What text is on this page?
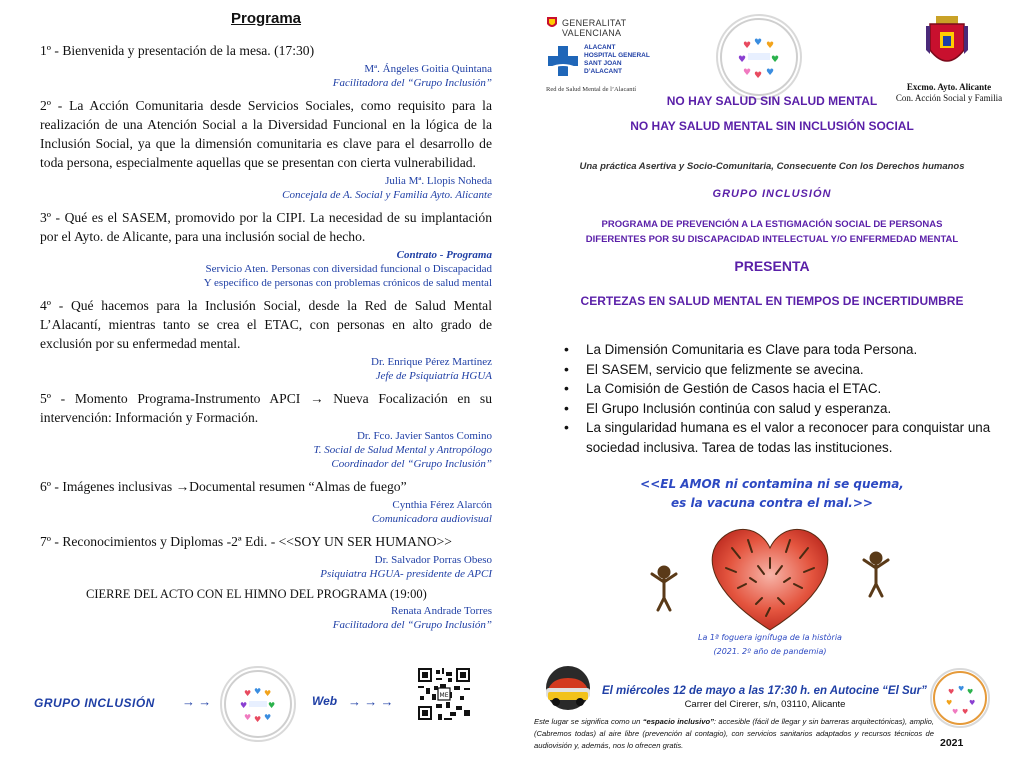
Programa
1º - Bienvenida y presentación de la mesa. (17:30)
Mª. Ángeles Goitia Quintana
Facilitadora del “Grupo Inclusión”
2º - La Acción Comunitaria desde Servicios Sociales, como requisito para la realización de una Atención Social a la Diversidad Funcional en la lógica de la Inclusión Social, ya que la dimensión comunitaria es clave para el desarrollo de toda persona, especialmente aquellas que se presentan con cierta vulnerabilidad.
Julia Mª. Llopis Noheda
Concejala de A. Social y Familia Ayto. Alicante
3º - Qué es el SASEM, promovido por la CIPI. La necesidad de su implantación por el Ayto. de Alicante, para una inclusión social de hecho.
Contrato - Programa
Servicio Aten. Personas con diversidad funcional o Discapacidad
Y específico de personas con problemas crónicos de salud mental
4º - Qué hacemos para la Inclusión Social, desde la Red de Salud Mental L’Alacantí, mientras tanto se crea el ETAC, con personas en alto grado de exclusión por su enfermedad mental.
Dr. Enrique Pérez Martínez
Jefe de Psiquiatría HGUA
5º - Momento Programa-Instrumento APCI → Nueva Focalización en su intervención: Información y Formación.
Dr. Fco. Javier Santos Comino
T. Social de Salud Mental y Antropólogo
Coordinador del “Grupo Inclusión”
6º - Imágenes inclusivas →Documental resumen “Almas de fuego”
Cynthia Férez Alarcón
Comunicadora audiovisual
7º - Reconocimientos y Diplomas -2ª Edi. - <<SOY UN SER HUMANO>>
Dr. Salvador Porras Obeso
Psiquiatra HGUA- presidente de APCI
CIERRE DEL ACTO CON EL HIMNO DEL PROGRAMA (19:00)
Renata Andrade Torres
Facilitadora del “Grupo Inclusión”
GRUPO INCLUSIÓN → →
♥ ♥ ♥
♥	♥
♥ ♥ ♥
Web → → →	ME
GENERALITAT VALENCIANA
ALACANT
HOSPITAL GENERAL
SANT JOAN
D’ALACANT
Red de Salud Mental de l’Alacantí
♥ ♥ ♥
♥	♥
♥ ♥ ♥
Excmo. Ayto. Alicante
Con. Acción Social y Familia
NO HAY SALUD SIN SALUD MENTAL
NO HAY SALUD MENTAL SIN INCLUSIÓN SOCIAL
Una práctica Asertiva y Socio-Comunitaria, Consecuente Con los Derechos humanos
GRUPO INCLUSIÓN
PROGRAMA DE PREVENCIÓN A LA ESTIGMACIÓN SOCIAL DE PERSONAS
DIFERENTES POR SU DISCAPACIDAD INTELECTUAL Y/O ENFERMEDAD MENTAL
PRESENTA
CERTEZAS EN SALUD MENTAL EN TIEMPOS DE INCERTIDUMBRE
• La Dimensión Comunitaria es Clave para toda Persona.
• El SASEM, servicio que felizmente se avecina.
• La Comisión de Gestión de Casos hacia el ETAC.
• El Grupo Inclusión continúa con salud y esperanza.
• La singularidad humana es el valor a reconocer para conquistar una sociedad inclusiva. Tarea de todas las instituciones.
<<EL AMOR ni contamina ni se quema,
es la vacuna contra el mal.>>
La 1ª foguera ignífuga de la història
(2021. 2º año de pandemia)
El miércoles 12 de mayo a las 17:30 h. en Autocine “El Sur”
Carrer del Cirerer, s/n, 03110, Alicante
Este lugar se significa como un “espacio inclusivo”: accesible (fácil de llegar y sin barreras arquitectónicas), amplio, (Cabremos todas) al aire libre (prevención al contagio), con servicios sanitarios adaptados y recursos técnicos de audiovisión y, además, nos lo ofrecen gratis.
♥ ♥ ♥
♥ ♥
♥ ♥
2021
